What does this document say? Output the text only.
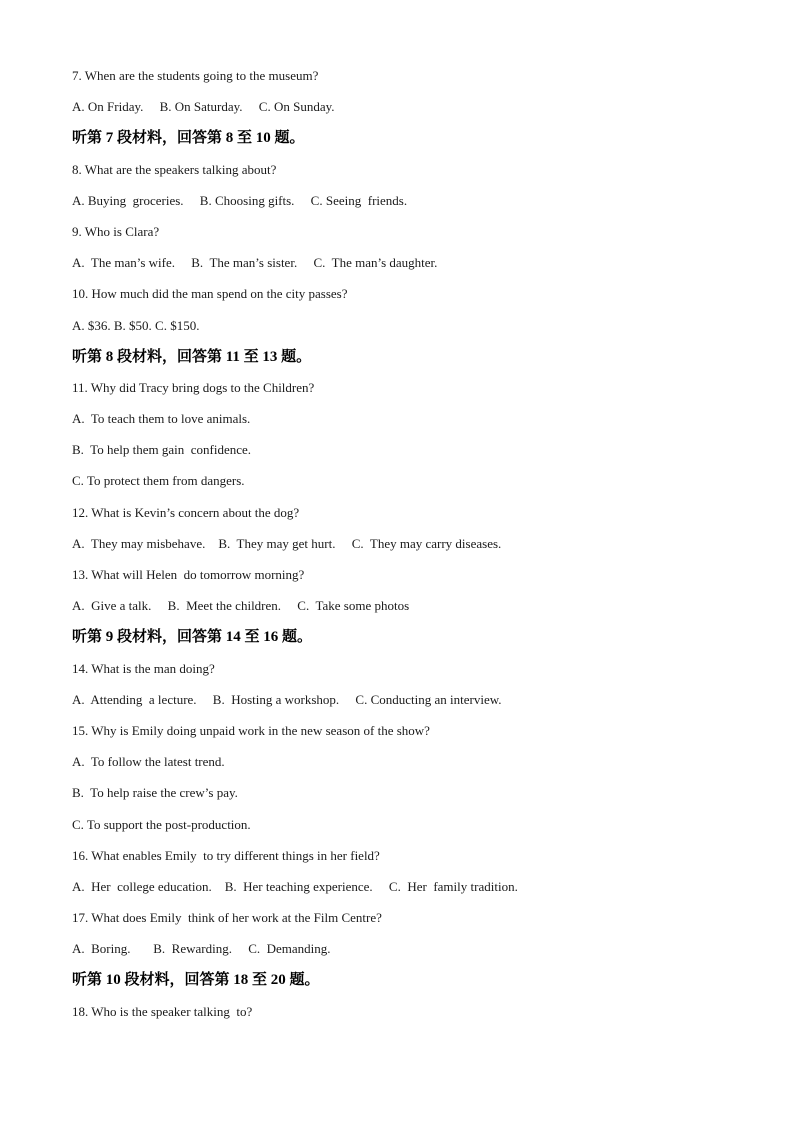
7. When are the students going to the museum?
A. On Friday.     B. On Saturday.     C. On Sunday.
听第 7 段材料，回答第 8 至 10 题。
8. What are the speakers talking about?
A. Buying  groceries.     B. Choosing gifts.     C. Seeing  friends.
9. Who is Clara?
A.  The man’s wife.     B.  The man’s sister.     C.  The man’s daughter.
10. How much did the man spend on the city passes?
A. $36. B. $50. C. $150.
听第 8 段材料，回答第 11 至 13 题。
11. Why did Tracy bring dogs to the Children?
A.  To teach them to love animals.
B.  To help them gain  confidence.
C. To protect them from dangers.
12. What is Kevin’s concern about the dog?
A.  They may misbehave.    B.  They may get hurt.     C.  They may carry diseases.
13. What will Helen  do tomorrow morning?
A.  Give a talk.     B.  Meet the children.     C.  Take some photos
听第 9 段材料，回答第 14 至 16 题。
14. What is the man doing?
A.  Attending  a lecture.     B.  Hosting a workshop.     C. Conducting an interview.
15. Why is Emily doing unpaid work in the new season of the show?
A.  To follow the latest trend.
B.  To help raise the crew’s pay.
C. To support the post-production.
16. What enables Emily  to try different things in her field?
A.  Her  college education.    B.  Her teaching experience.     C.  Her  family tradition.
17. What does Emily  think of her work at the Film Centre?
A.  Boring.       B.  Rewarding.     C.  Demanding.
听第 10 段材料，回答第 18 至 20 题。
18. Who is the speaker talking  to?
